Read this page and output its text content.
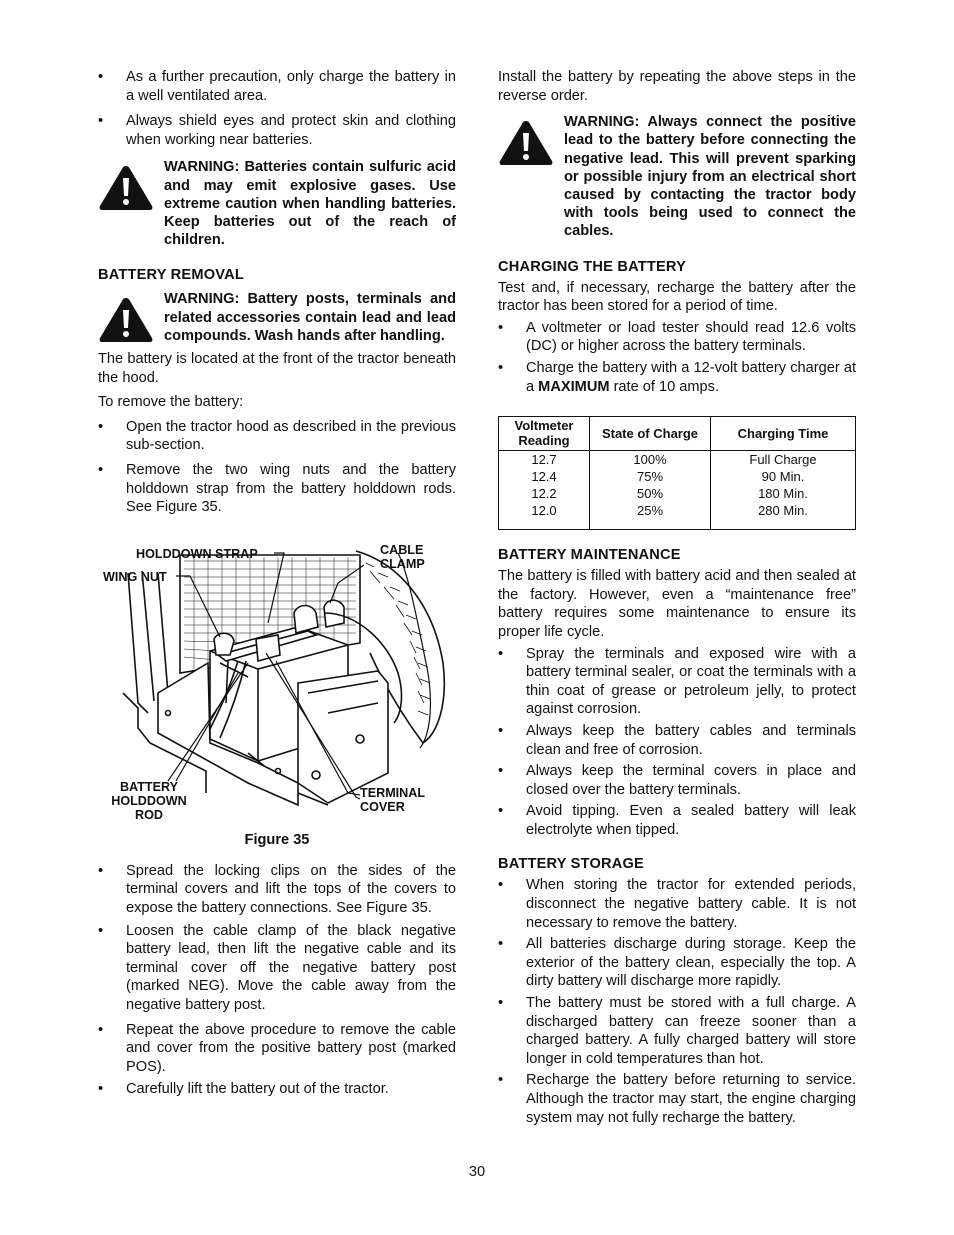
• As a further precaution, only charge the battery in a well ventilated area.
• Always shield eyes and protect skin and clothing when working near batteries.
WARNING: Batteries contain sulfuric acid and may emit explosive gases. Use extreme caution when handling batteries. Keep batteries out of the reach of children.
BATTERY REMOVAL
WARNING: Battery posts, terminals and related accessories contain lead and lead compounds. Wash hands after handling.

The battery is located at the front of the tractor beneath the hood.

To remove the battery:

• Open the tractor hood as described in the previous sub-section.
• Remove the two wing nuts and the battery holddown strap from the battery holddown rods. See Figure 35.
HOLDDOWN STRAP	CABLE CLAMP
WING NUT
BATTERY HOLDDOWN ROD
TERMINAL COVER
Figure 35
• Spread the locking clips on the sides of the terminal covers and lift the tops of the covers to expose the battery connections. See Figure 35.
• Loosen the cable clamp of the black negative battery lead, then lift the negative cable and its terminal cover off the negative battery post (marked NEG). Move the cable away from the negative battery post.
• Repeat the above procedure to remove the cable and cover from the positive battery post (marked POS).
• Carefully lift the battery out of the tractor.

Install the battery by repeating the above steps in the reverse order.

WARNING: Always connect the positive lead to the battery before connecting the negative lead. This will prevent sparking or possible injury from an electrical short caused by contacting the tractor body with tools being used to connect the cables.
CHARGING THE BATTERY

Test and, if necessary, recharge the battery after the tractor has been stored for a period of time.

• A voltmeter or load tester should read 12.6 volts (DC) or higher across the battery terminals.
• Charge the battery with a 12-volt battery charger at a MAXIMUM rate of 10 amps.
Voltmeter Reading	State of Charge	Charging Time
12.7	100%	Full Charge
12.4	75%	90 Min.
12.2	50%	180 Min.
12.0	25%	280 Min.
BATTERY MAINTENANCE

The battery is filled with battery acid and then sealed at the factory. However, even a “maintenance free” battery requires some maintenance to ensure its proper life cycle.

• Spray the terminals and exposed wire with a battery terminal sealer, or coat the terminals with a thin coat of grease or petroleum jelly, to protect against corrosion.
• Always keep the battery cables and terminals clean and free of corrosion.
• Always keep the terminal covers in place and closed over the battery terminals.
• Avoid tipping. Even a sealed battery will leak electrolyte when tipped.
BATTERY STORAGE
• When storing the tractor for extended periods, disconnect the negative battery cable. It is not necessary to remove the battery.
• All batteries discharge during storage. Keep the exterior of the battery clean, especially the top. A dirty battery will discharge more rapidly.
• The battery must be stored with a full charge. A discharged battery can freeze sooner than a charged battery. A fully charged battery will store longer in cold temperatures than hot.
• Recharge the battery before returning to service. Although the tractor may start, the engine charging system may not fully recharge the battery.
30
